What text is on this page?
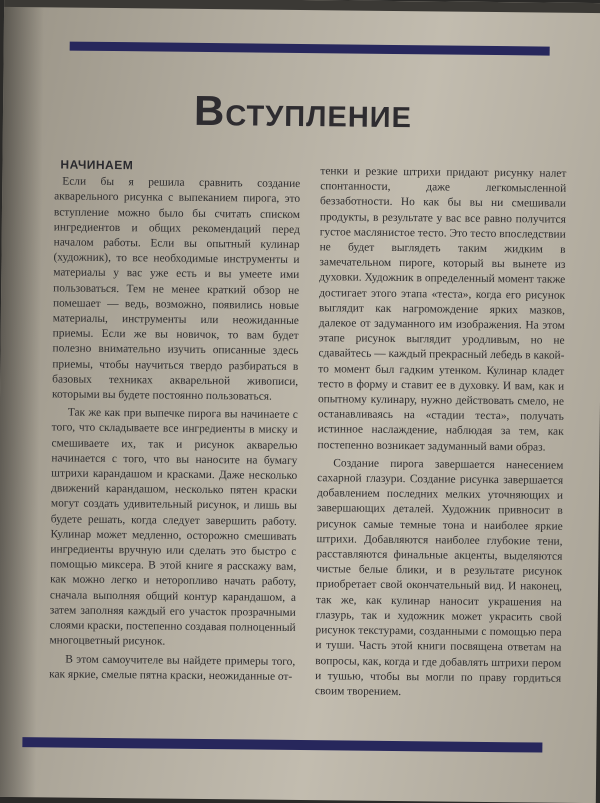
Вступление
НАЧИНАЕМ

Если бы я решила сравнить создание акварельного рисунка с выпеканием пирога, это вступление можно было бы считать списком ингредиентов и общих рекомендаций перед началом работы. Если вы опытный кулинар (художник), то все необходимые инструменты и материалы у вас уже есть и вы умеете ими пользоваться. Тем не менее краткий обзор не помешает — ведь, возможно, появились новые материалы, инструменты или неожиданные приемы. Если же вы новичок, то вам будет полезно внимательно изучить описанные здесь приемы, чтобы научиться твердо разбираться в базовых техниках акварельной живописи, которыми вы будете постоянно пользоваться.

Так же как при выпечке пирога вы начинаете с того, что складываете все ингредиенты в миску и смешиваете их, так и рисунок акварелью начинается с того, что вы наносите на бумагу штрихи карандашом и красками. Даже несколько движений карандашом, несколько пятен краски могут создать удивительный рисунок, и лишь вы будете решать, когда следует завершить работу. Кулинар может медленно, осторожно смешивать ингредиенты вручную или сделать это быстро с помощью миксера. В этой книге я расскажу вам, как можно легко и неторопливо начать работу, сначала выполняя общий контур карандашом, а затем заполняя каждый его участок прозрачными слоями краски, постепенно создавая полноценный многоцветный рисунок.

В этом самоучителе вы найдете примеры того, как яркие, смелые пятна краски, неожиданные от-

тенки и резкие штрихи придают рисунку налет спонтанности, даже легкомысленной беззаботности. Но как бы вы ни смешивали продукты, в результате у вас все равно получится густое маслянистое тесто. Это тесто впоследствии не будет выглядеть таким жидким в замечательном пироге, который вы вынете из духовки. Художник в определенный момент также достигает этого этапа «теста», когда его рисунок выглядит как нагромождение ярких мазков, далекое от задуманного им изображения. На этом этапе рисунок выглядит уродливым, но не сдавайтесь — каждый прекрасный лебедь в какой-то момент был гадким утенком. Кулинар кладет тесто в форму и ставит ее в духовку. И вам, как и опытному кулинару, нужно действовать смело, не останавливаясь на «стадии теста», получать истинное наслаждение, наблюдая за тем, как постепенно возникает задуманный вами образ.

Создание пирога завершается нанесением сахарной глазури. Создание рисунка завершается добавлением последних мелких уточняющих и завершающих деталей. Художник привносит в рисунок самые темные тона и наиболее яркие штрихи. Добавляются наиболее глубокие тени, расставляются финальные акценты, выделяются чистые белые блики, и в результате рисунок приобретает свой окончательный вид. И наконец, так же, как кулинар наносит украшения на глазурь, так и художник может украсить свой рисунок текстурами, созданными с помощью пера и туши. Часть этой книги посвящена ответам на вопросы, как, когда и где добавлять штрихи пером и тушью, чтобы вы могли по праву гордиться своим творением.
